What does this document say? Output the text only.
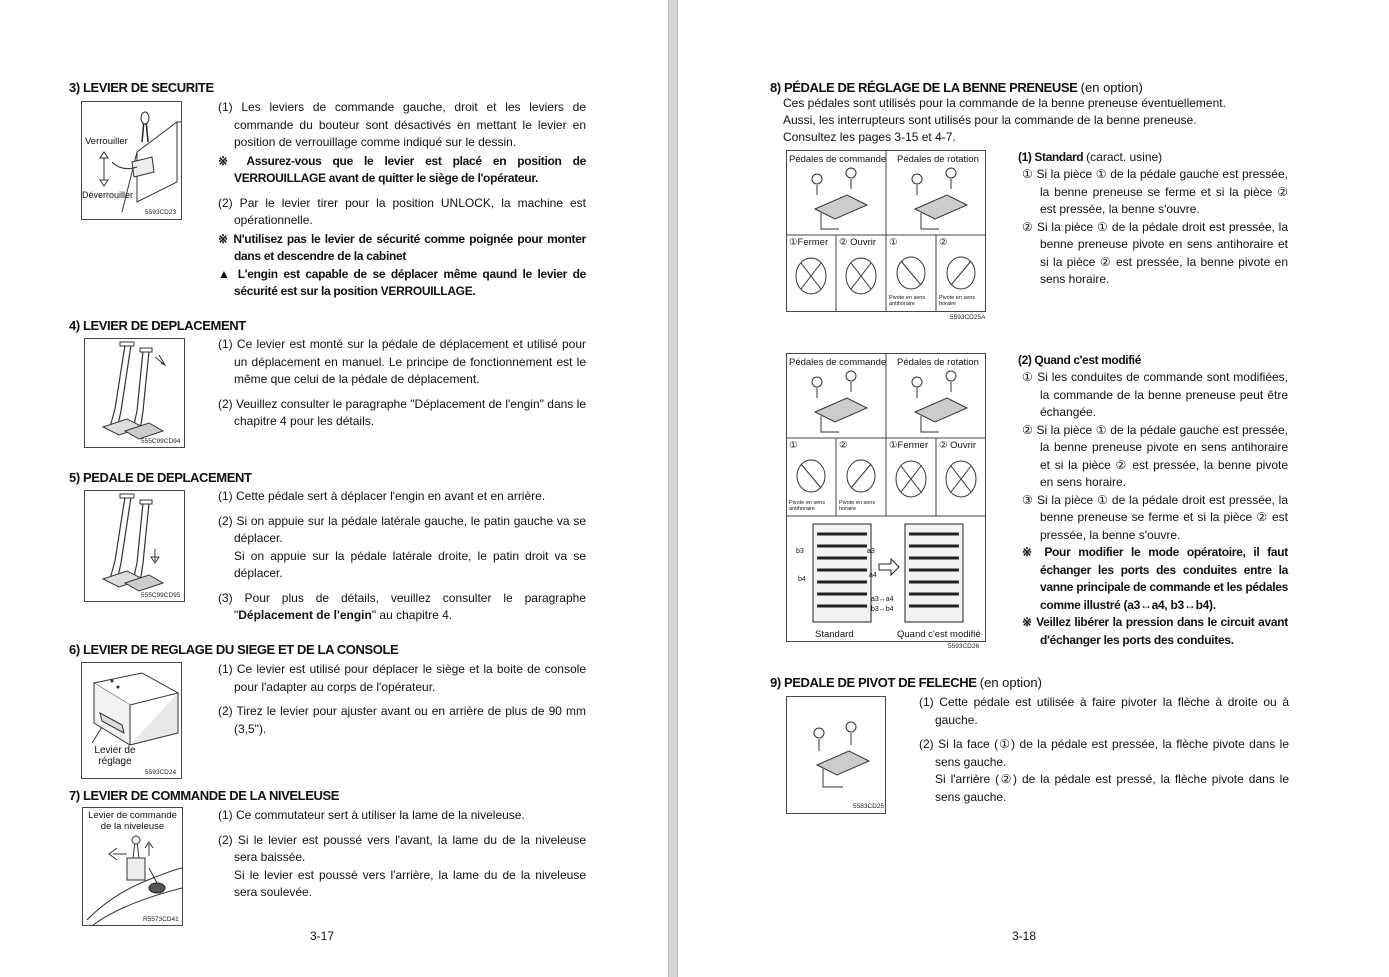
3) LEVIER DE SECURITE
Verrouiller
Déverrouiller
5593CD23

(1) Les leviers de commande gauche, droit et les leviers de commande du bouteur sont désactivés en mettant le levier en position de verrouillage comme indiqué sur le dessin.

※ Assurez-vous que le levier est placé en position de VERROUILLAGE avant de quitter le siège de l'opérateur.

(2) Par le levier tirer pour la position UNLOCK, la machine est opérationnelle.

※ N'utilisez pas le levier de sécurité comme poignée pour monter dans et descendre de la cabinet

▲ L'engin est capable de se déplacer même qaund le levier de sécurité est sur la position VERROUILLAGE.

4) LEVIER DE DEPLACEMENT
555C99CD94

(1) Ce levier est monté sur la pédale de déplacement et utilisé pour un déplacement en manuel. Le principe de fonctionnement est le même que celui de la pédale de déplacement.

(2) Veuillez consulter le paragraphe "Déplacement de l'engin" dans le chapitre 4 pour les détails.

5) PEDALE DE DEPLACEMENT
555C99CD95

(1) Cette pédale sert à déplacer l'engin en avant et en arrière.

(2) Si on appuie sur la pédale latérale gauche, le patin gauche va se déplacer.

Si on appuie sur la pédale latérale droite, le patin droit va se déplacer.

(3) Pour plus de détails, veuillez consulter le paragraphe "Déplacement de l'engin" au chapitre 4.

6) LEVIER DE REGLAGE DU SIEGE ET DE LA CONSOLE
Levier de réglage
5593CD24

(1) Ce levier est utilisé pour déplacer le siège et la boite de console pour l'adapter au corps de l'opérateur.

(2) Tirez le levier pour ajuster avant ou en arrière de plus de 90 mm (3,5").

7) LEVIER DE COMMANDE DE LA NIVELEUSE
Levier de commande de la niveleuse
R5573CD41

(1) Ce commutateur sert à utiliser la lame de la niveleuse.

(2) Si le levier est poussé vers l'avant, la lame du de la niveleuse sera baissée.

Si le levier est poussé vers l'arrière, la lame du de la niveleuse sera soulevée.

3-17
8) PÉDALE DE RÉGLAGE DE LA BENNE PRENEUSE (en option)
Ces pédales sont utilisés pour la commande de la benne preneuse éventuellement.
Aussi, les interrupteurs sont utilisés pour la commande de la benne preneuse.
Consultez les pages 3-15 et 4-7.
Pédales de commande Pédales de rotation
①Fermer ② Ouvrir ①	②
Pivote en sens antihoraire
Pivote en sens horaire
5593CD25A
(1) Standard (caract. usine)

① Si la pièce ① de la pédale gauche est pressée, la benne preneuse se ferme et si la pièce ② est pressée, la benne s'ouvre.

② Si la pièce ① de la pédale droit est pressée, la benne preneuse pivote en sens antihoraire et si la pièce ② est pressée, la benne pivote en sens horaire.

Pédales de commande Pédales de rotation
①	②	①Fermer ② Ouvrir
Pivote en sens antihoraire
Pivote en sens horaire
b3
b4
a3
a4
a3↔a4
b3↔b4
Standard	Quand c'est modifié
5593CD26
(2) Quand c'est modifié

① Si les conduites de commande sont modifiées, la commande de la benne preneuse peut être échangée.

② Si la pièce ① de la pédale gauche est pressée, la benne preneuse pivote en sens antihoraire et si la pièce ② est pressée, la benne pivote en sens horaire.

③ Si la pièce ① de la pédale droit est pressée, la benne preneuse se ferme et si la pièce ② est pressée, la benne s'ouvre.

※ Pour modifier le mode opératoire, il faut échanger les ports des conduites entre la vanne principale de commande et les pédales comme illustré (a3↔a4, b3↔b4).

※ Veillez libérer la pression dans le circuit avant d'échanger les ports des conduites.

9) PEDALE DE PIVOT DE FELECHE (en option)
5583CD25

(1) Cette pédale est utilisée à faire pivoter la flèche à droite ou à gauche.

(2) Si la face (①) de la pédale est pressée, la flèche pivote dans le sens gauche.

Si l'arrière (②) de la pédale est pressé, la flèche pivote dans le sens gauche.

3-18
